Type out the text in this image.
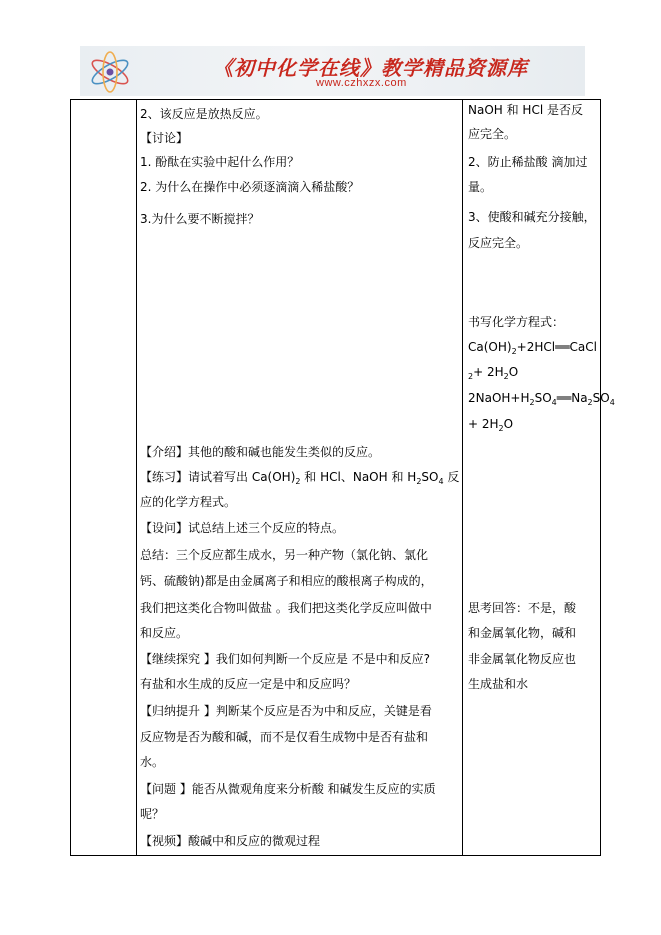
《初中化学在线》教学精品资源库
www.czhxzx.com
2、该反应是放热反应。
【讨论】
1. 酚酞在实验中起什么作用？
2. 为什么在操作中必须逐滴滴入稀盐酸？
3.为什么要不断搅拌？
【介绍】其他的酸和碱也能发生类似的反应。
【练习】请试着写出 $Ca(OH)_2$ 和 HCl、NaOH 和 $H_2SO_4$ 反
应的化学方程式。
【设问】试总结上述三个反应的特点。
总结：三个反应都生成水，另一种产物（氯化钠、氯化
钙、硫酸钠)都是由金属离子和相应的酸根离子构成的，
我们把这类化合物叫做盐 。我们把这类化学反应叫做中
和反应。
【继续探究 】我们如何判断一个反应是 不是中和反应?
有盐和水生成的反应一定是中和反应吗？
【归纳提升 】判断某个反应是否为中和反应，关键是看
反应物是否为酸和碱，而不是仅看生成物中是否有盐和
水。
【问题 】能否从微观角度来分析酸 和碱发生反应的实质
呢？
【视频】酸碱中和反应的微观过程
NaOH 和 HCl 是否反
应完全。
2、防止稀盐酸 滴加过
量。
3、使酸和碱充分接触，
反应完全。
书写化学方程式：
$Ca(OH)_2+2HCl══CaCl$
$_2+ 2H_2O$
$2NaOH+H_2SO_4══Na_2SO_4$
+ $2H_2O$
思考回答：不是，酸
和金属氧化物，碱和
非金属氧化物反应也
生成盐和水
